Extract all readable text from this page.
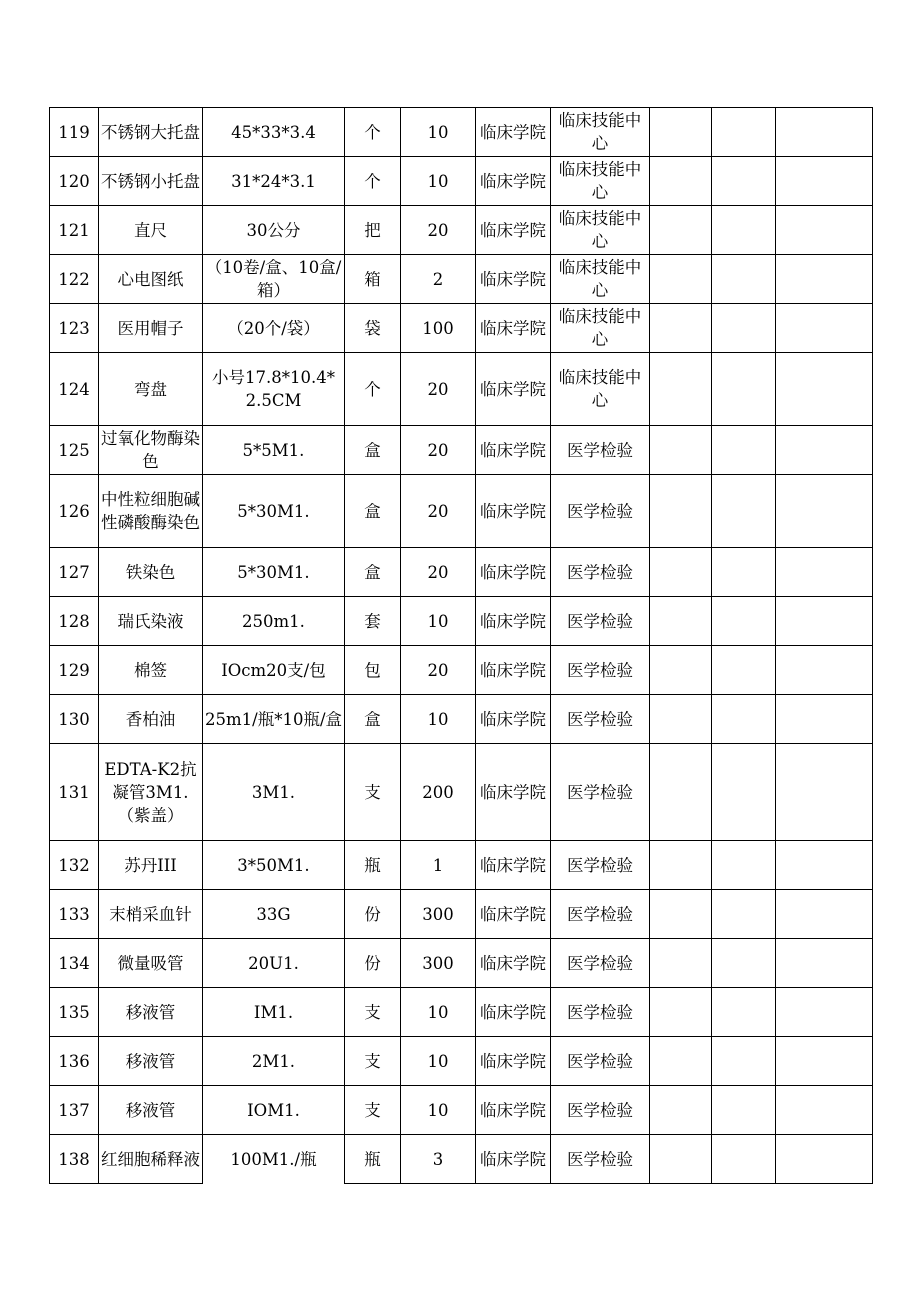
119	不锈钢大托盘	45*33*3.4	个	10	临床学院	临床技能中心			
120	不锈钢小托盘	31*24*3.1	个	10	临床学院	临床技能中心			
121	直尺	30公分	把	20	临床学院	临床技能中心			
122	心电图纸	（10卷/盒、10盒/箱）	箱	2	临床学院	临床技能中心			
123	医用帽子	（20个/袋）	袋	100	临床学院	临床技能中心			
124	弯盘	小号17.8*10.4*2.5CM	个	20	临床学院	临床技能中心			
125	过氧化物酶染色	5*5M1.	盒	20	临床学院	医学检验			
126	中性粒细胞碱性磷酸酶染色	5*30M1.	盒	20	临床学院	医学检验			
127	铁染色	5*30M1.	盒	20	临床学院	医学检验			
128	瑞氏染液	250m1.	套	10	临床学院	医学检验			
129	棉签	IOcm20支/包	包	20	临床学院	医学检验			
130	香柏油	25m1/瓶*10瓶/盒	盒	10	临床学院	医学检验			
131	EDTA-K2抗凝管3M1.（紫盖）	3M1.	支	200	临床学院	医学检验			
132	苏丹III	3*50M1.	瓶	1	临床学院	医学检验			
133	末梢采血针	33G	份	300	临床学院	医学检验			
134	微量吸管	20U1.	份	300	临床学院	医学检验			
135	移液管	IM1.	支	10	临床学院	医学检验			
136	移液管	2M1.	支	10	临床学院	医学检验			
137	移液管	IOM1.	支	10	临床学院	医学检验			
138	红细胞稀释液	100M1./瓶	瓶	3	临床学院	医学检验			
